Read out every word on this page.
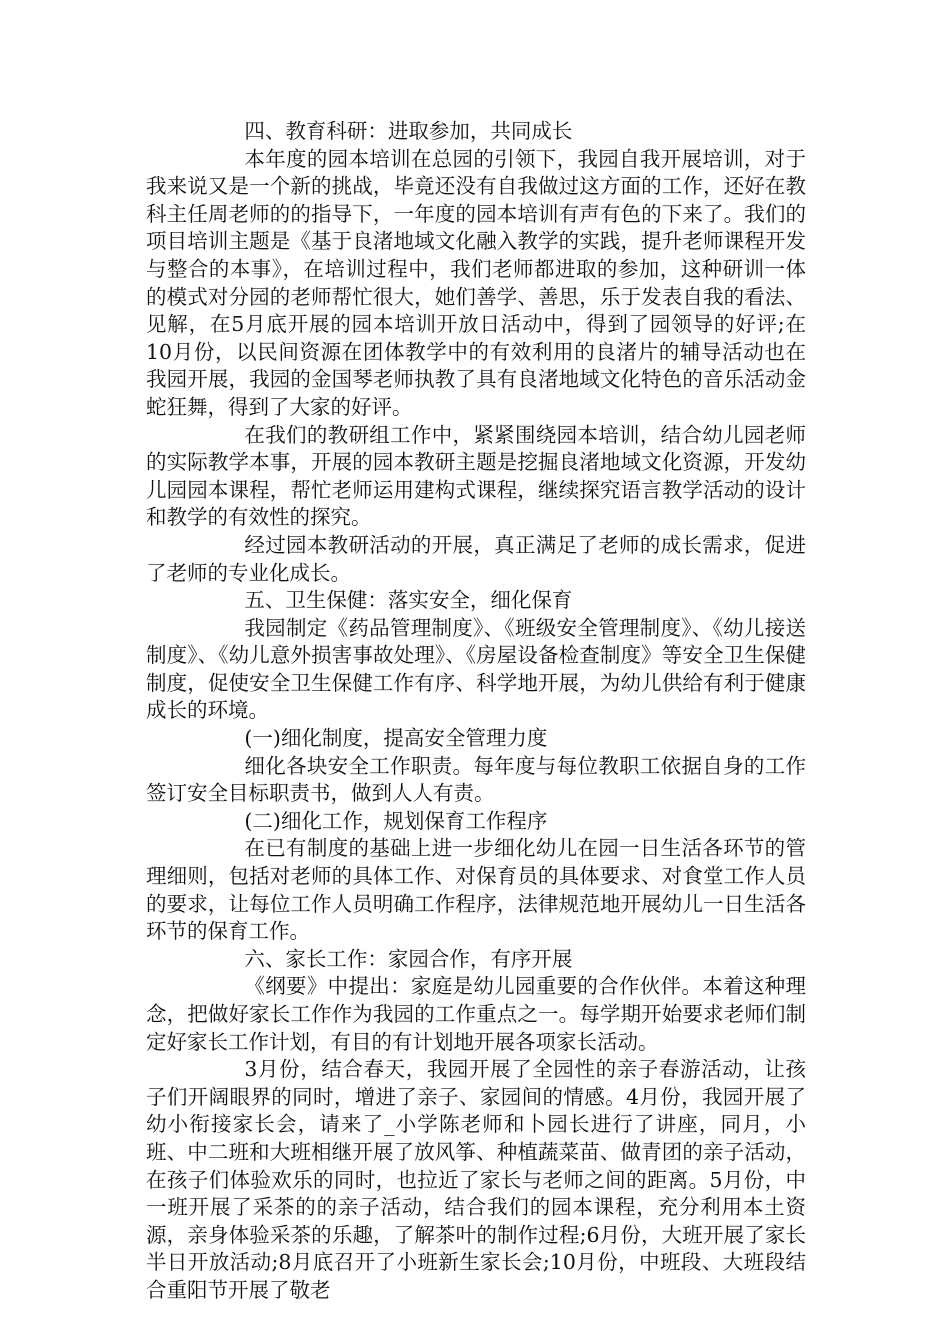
四、教育科研：进取参加，共同成长

本年度的园本培训在总园的引领下，我园自我开展培训，对于我来说又是一个新的挑战，毕竟还没有自我做过这方面的工作，还好在教科主任周老师的的指导下，一年度的园本培训有声有色的下来了。我们的项目培训主题是《基于良渚地域文化融入教学的实践，提升老师课程开发与整合的本事》，在培训过程中，我们老师都进取的参加，这种研训一体的模式对分园的老师帮忙很大，她们善学、善思，乐于发表自我的看法、见解，在5月底开展的园本培训开放日活动中，得到了园领导的好评;在10月份，以民间资源在团体教学中的有效利用的良渚片的辅导活动也在我园开展，我园的金国琴老师执教了具有良渚地域文化特色的音乐活动金蛇狂舞，得到了大家的好评。

在我们的教研组工作中，紧紧围绕园本培训，结合幼儿园老师的实际教学本事，开展的园本教研主题是挖掘良渚地域文化资源，开发幼儿园园本课程，帮忙老师运用建构式课程，继续探究语言教学活动的设计和教学的有效性的探究。

经过园本教研活动的开展，真正满足了老师的成长需求，促进了老师的专业化成长。

五、卫生保健：落实安全，细化保育

我园制定《药品管理制度》、《班级安全管理制度》、《幼儿接送制度》、《幼儿意外损害事故处理》、《房屋设备检查制度》等安全卫生保健制度，促使安全卫生保健工作有序、科学地开展，为幼儿供给有利于健康成长的环境。

(一)细化制度，提高安全管理力度

细化各块安全工作职责。每年度与每位教职工依据自身的工作签订安全目标职责书，做到人人有责。

(二)细化工作，规划保育工作程序

在已有制度的基础上进一步细化幼儿在园一日生活各环节的管理细则，包括对老师的具体工作、对保育员的具体要求、对食堂工作人员的要求，让每位工作人员明确工作程序，法律规范地开展幼儿一日生活各环节的保育工作。

六、家长工作：家园合作，有序开展

《纲要》中提出：家庭是幼儿园重要的合作伙伴。本着这种理念，把做好家长工作作为我园的工作重点之一。每学期开始要求老师们制定好家长工作计划，有目的有计划地开展各项家长活动。

3月份，结合春天，我园开展了全园性的亲子春游活动，让孩子们开阔眼界的同时，增进了亲子、家园间的情感。4月份，我园开展了幼小衔接家长会，请来了_小学陈老师和卜园长进行了讲座，同月，小班、中二班和大班相继开展了放风筝、种植蔬菜苗、做青团的亲子活动，在孩子们体验欢乐的同时，也拉近了家长与老师之间的距离。5月份，中一班开展了采茶的的亲子活动，结合我们的园本课程，充分利用本土资源，亲身体验采茶的乐趣，了解茶叶的制作过程;6月份，大班开展了家长半日开放活动;8月底召开了小班新生家长会;10月份，中班段、大班段结合重阳节开展了敬老
